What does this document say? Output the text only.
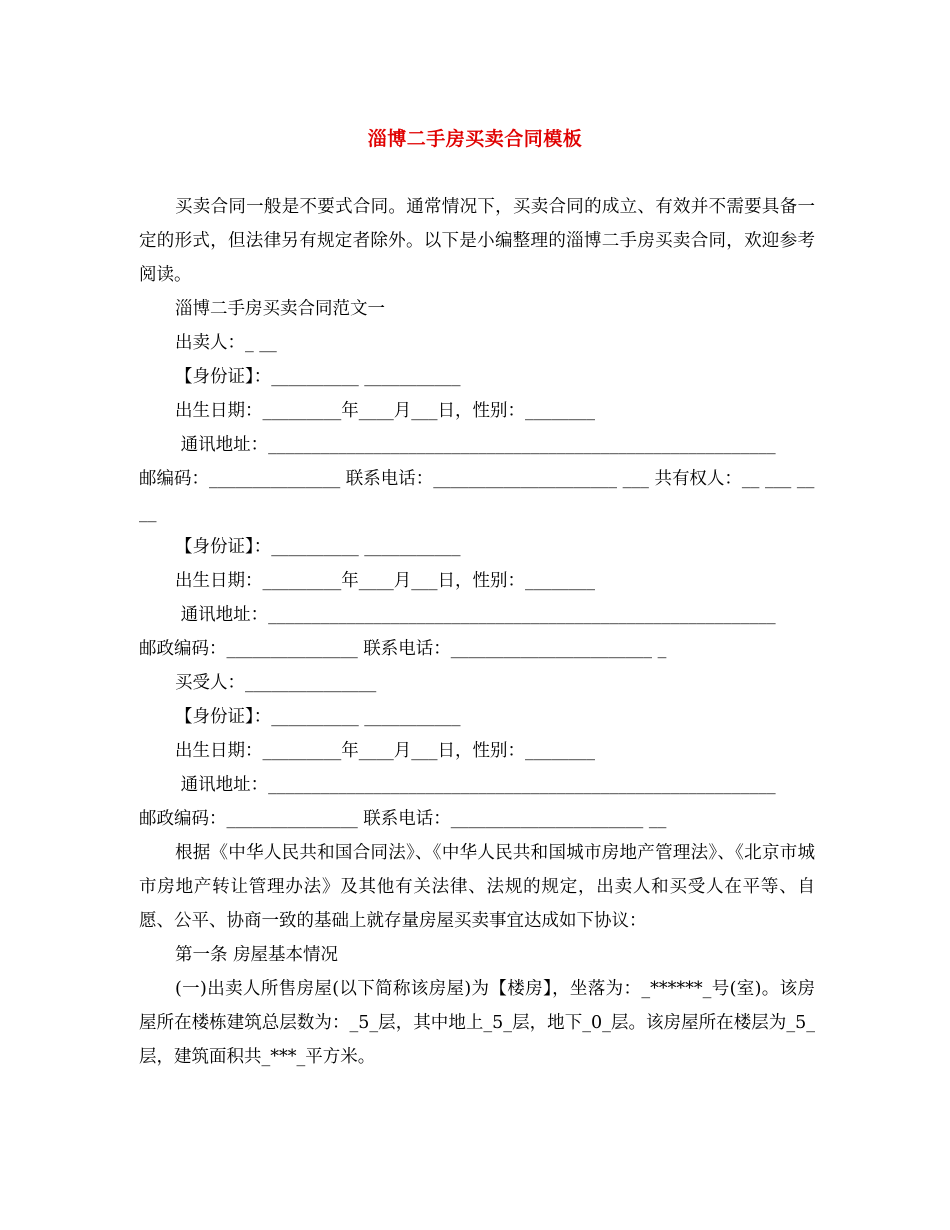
淄博二手房买卖合同模板

买卖合同一般是不要式合同。通常情况下，买卖合同的成立、有效并不需要具备一定的形式，但法律另有规定者除外。以下是小编整理的淄博二手房买卖合同，欢迎参考阅读。

淄博二手房买卖合同范文一

出卖人：_ __

【身份证】：__________ ___________

出生日期：_________年____月___日，性别：________

通讯地址：__________________________________________________________

邮编码：_______________ 联系电话：_____________________ ___ 共有权人：__ ___ ____

【身份证】：__________ ___________

出生日期：_________年____月___日，性别：________

通讯地址：__________________________________________________________

邮政编码：_______________ 联系电话：_______________________ _

买受人：_______________

【身份证】：__________ ___________

出生日期：_________年____月___日，性别：________

通讯地址：__________________________________________________________

邮政编码：_______________ 联系电话：______________________ __

根据《中华人民共和国合同法》、《中华人民共和国城市房地产管理法》、《北京市城市房地产转让管理办法》及其他有关法律、法规的规定，出卖人和买受人在平等、自愿、公平、协商一致的基础上就存量房屋买卖事宜达成如下协议：

第一条 房屋基本情况

(一)出卖人所售房屋(以下简称该房屋)为【楼房】，坐落为：_******_号(室)。该房屋所在楼栋建筑总层数为：_5_层，其中地上_5_层，地下_0_层。该房屋所在楼层为_5_层，建筑面积共_***_平方米。
